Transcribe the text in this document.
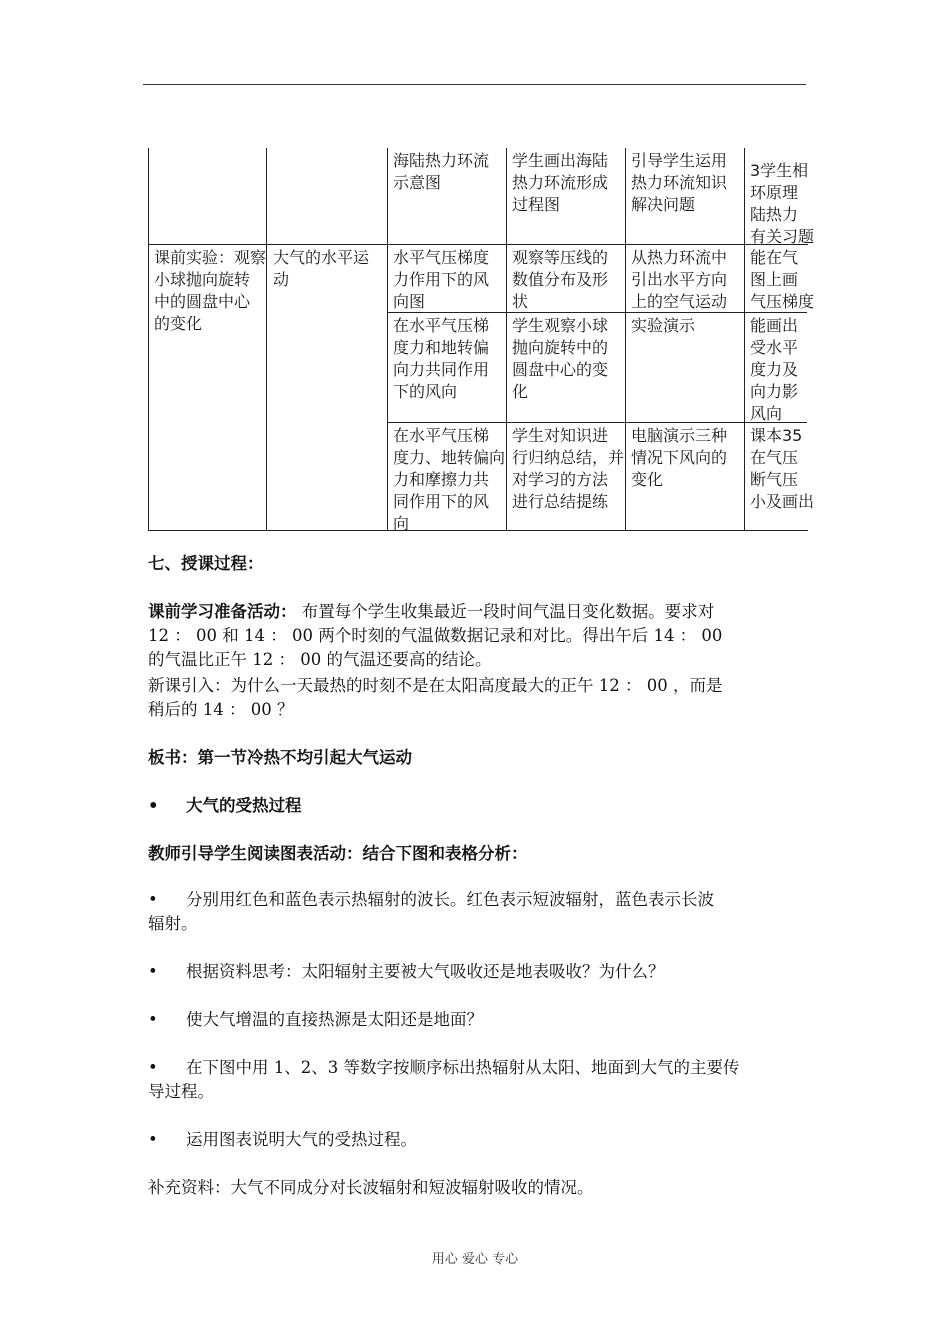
海陆热力环流
示意图
学生画出海陆
热力环流形成
过程图
引导学生运用
热力环流知识
解决问题
3学生相
环原理
陆热力
有关习题
课前实验：观察
小球抛向旋转
中的圆盘中心
的变化
大气的水平运
动
水平气压梯度
力作用下的风
向图
观察等压线的
数值分布及形
状
从热力环流中
引出水平方向
上的空气运动
能在气
图上画
气压梯度
在水平气压梯
度力和地转偏
向力共同作用
下的风向
学生观察小球
抛向旋转中的
圆盘中心的变
化
实验演示	能画出
受水平
度力及
向力影
风向
在水平气压梯
度力、地转偏向
力和摩擦力共
同作用下的风
向
学生对知识进
行归纳总结，并
对学习的方法
进行总结提练
电脑演示三种
情况下风向的
变化
课本35
在气压
断气压
小及画出
七、授课过程：
课前学习准备活动： 布置每个学生收集最近一段时间气温日变化数据。要求对
12 ： 00 和 14 ： 00 两个时刻的气温做数据记录和对比。得出午后 14 ： 00
的气温比正午 12 ： 00 的气温还要高的结论。
新课引入：为什么一天最热的时刻不是在太阳高度最大的正午 12 ： 00 ，而是
稍后的 14 ： 00 ？
板书：第一节冷热不均引起大气运动
• 大气的受热过程
教师引导学生阅读图表活动：结合下图和表格分析：
• 分别用红色和蓝色表示热辐射的波长。红色表示短波辐射，蓝色表示长波
辐射。
• 根据资料思考：太阳辐射主要被大气吸收还是地表吸收？为什么？
• 使大气增温的直接热源是太阳还是地面？
• 在下图中用 1、2、3 等数字按顺序标出热辐射从太阳、地面到大气的主要传
导过程。
• 运用图表说明大气的受热过程。
补充资料：大气不同成分对长波辐射和短波辐射吸收的情况。
用心 爱心 专心
